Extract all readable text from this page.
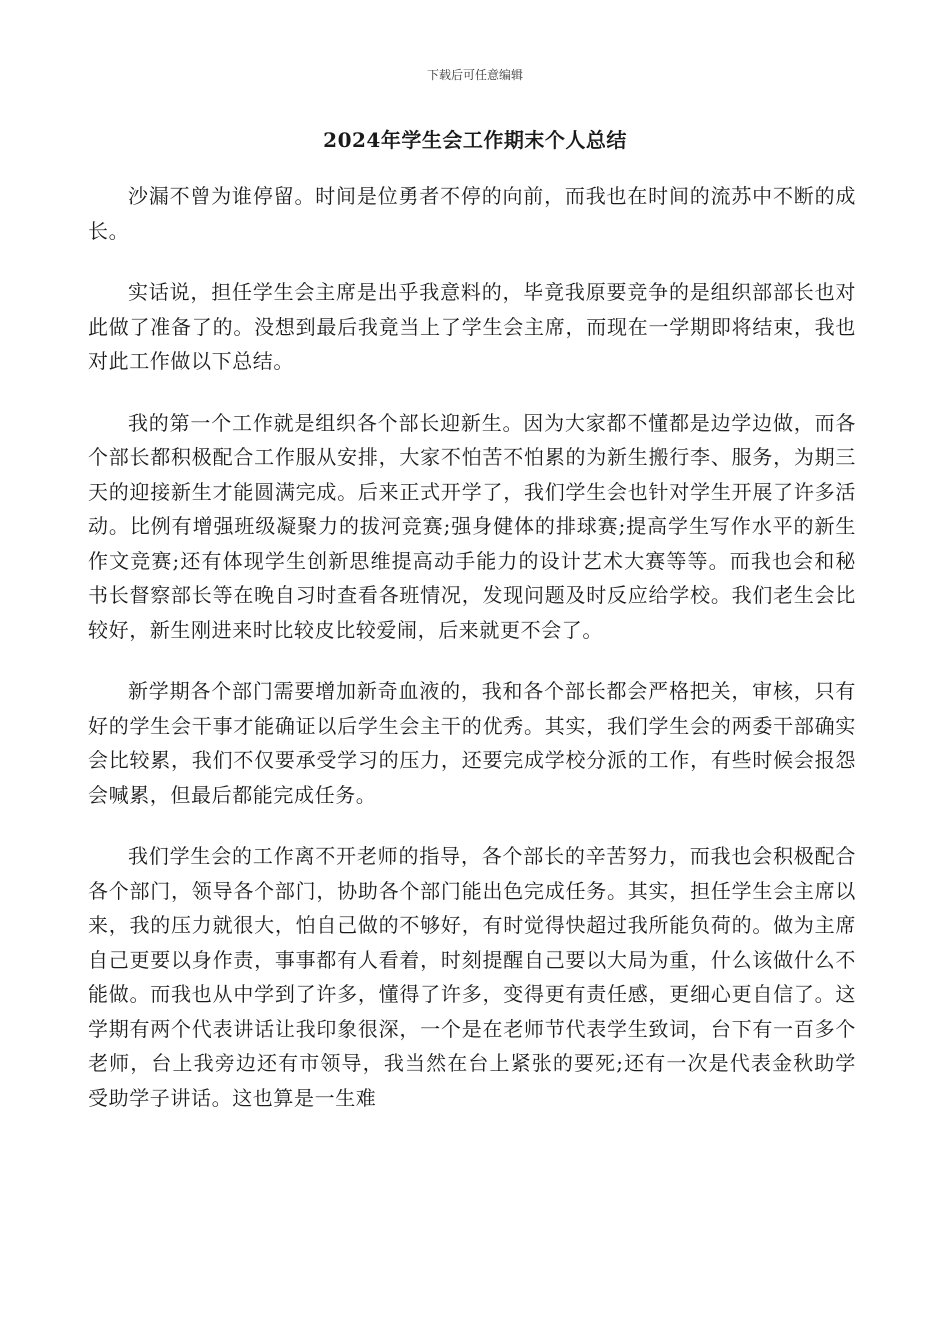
下载后可任意编辑
2024年学生会工作期末个人总结

沙漏不曾为谁停留。时间是位勇者不停的向前，而我也在时间的流苏中不断的成长。

实话说，担任学生会主席是出乎我意料的，毕竟我原要竞争的是组织部部长也对此做了准备了的。没想到最后我竟当上了学生会主席，而现在一学期即将结束，我也对此工作做以下总结。

我的第一个工作就是组织各个部长迎新生。因为大家都不懂都是边学边做，而各个部长都积极配合工作服从安排，大家不怕苦不怕累的为新生搬行李、服务，为期三天的迎接新生才能圆满完成。后来正式开学了，我们学生会也针对学生开展了许多活动。比例有增强班级凝聚力的拔河竞赛;强身健体的排球赛;提高学生写作水平的新生作文竞赛;还有体现学生创新思维提高动手能力的设计艺术大赛等等。而我也会和秘书长督察部长等在晚自习时查看各班情况，发现问题及时反应给学校。我们老生会比较好，新生刚进来时比较皮比较爱闹，后来就更不会了。

新学期各个部门需要增加新奇血液的，我和各个部长都会严格把关，审核，只有好的学生会干事才能确证以后学生会主干的优秀。其实，我们学生会的两委干部确实会比较累，我们不仅要承受学习的压力，还要完成学校分派的工作，有些时候会报怨会喊累，但最后都能完成任务。

我们学生会的工作离不开老师的指导，各个部长的辛苦努力，而我也会积极配合各个部门，领导各个部门，协助各个部门能出色完成任务。其实，担任学生会主席以来，我的压力就很大，怕自己做的不够好，有时觉得快超过我所能负荷的。做为主席自己更要以身作责，事事都有人看着，时刻提醒自己要以大局为重，什么该做什么不能做。而我也从中学到了许多，懂得了许多，变得更有责任感，更细心更自信了。这学期有两个代表讲话让我印象很深，一个是在老师节代表学生致词，台下有一百多个老师，台上我旁边还有市领导，我当然在台上紧张的要死;还有一次是代表金秋助学受助学子讲话。这也算是一生难
